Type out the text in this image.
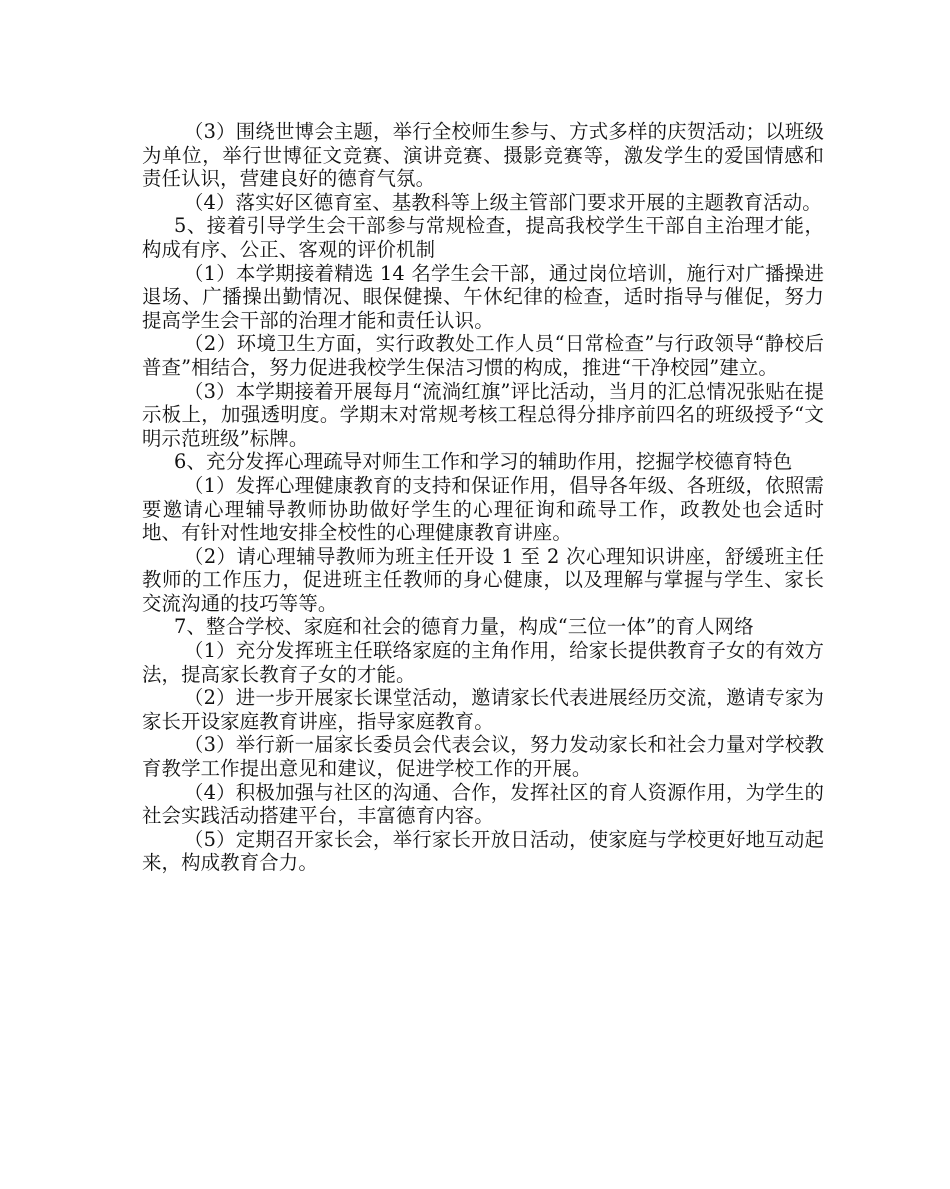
（3）围绕世博会主题，举行全校师生参与、方式多样的庆贺活动；以班级为单位，举行世博征文竞赛、演讲竞赛、摄影竞赛等，激发学生的爱国情感和责任认识，营建良好的德育气氛。

（4）落实好区德育室、基教科等上级主管部门要求开展的主题教育活动。

5、接着引导学生会干部参与常规检查，提高我校学生干部自主治理才能，构成有序、公正、客观的评价机制

（1）本学期接着精选 14 名学生会干部，通过岗位培训，施行对广播操进退场、广播操出勤情况、眼保健操、午休纪律的检查，适时指导与催促，努力提高学生会干部的治理才能和责任认识。

（2）环境卫生方面，实行政教处工作人员“日常检查”与行政领导“静校后普查”相结合，努力促进我校学生保洁习惯的构成，推进“干净校园”建立。

（3）本学期接着开展每月“流淌红旗”评比活动，当月的汇总情况张贴在提示板上，加强透明度。学期末对常规考核工程总得分排序前四名的班级授予“文明示范班级”标牌。

6、充分发挥心理疏导对师生工作和学习的辅助作用，挖掘学校德育特色

（1）发挥心理健康教育的支持和保证作用，倡导各年级、各班级，依照需要邀请心理辅导教师协助做好学生的心理征询和疏导工作，政教处也会适时地、有针对性地安排全校性的心理健康教育讲座。

（2）请心理辅导教师为班主任开设 1 至 2 次心理知识讲座，舒缓班主任教师的工作压力，促进班主任教师的身心健康，以及理解与掌握与学生、家长交流沟通的技巧等等。

7、整合学校、家庭和社会的德育力量，构成“三位一体”的育人网络

（1）充分发挥班主任联络家庭的主角作用，给家长提供教育子女的有效方法，提高家长教育子女的才能。

（2）进一步开展家长课堂活动，邀请家长代表进展经历交流，邀请专家为家长开设家庭教育讲座，指导家庭教育。

（3）举行新一届家长委员会代表会议，努力发动家长和社会力量对学校教育教学工作提出意见和建议，促进学校工作的开展。

（4）积极加强与社区的沟通、合作，发挥社区的育人资源作用，为学生的社会实践活动搭建平台，丰富德育内容。

（5）定期召开家长会，举行家长开放日活动，使家庭与学校更好地互动起来，构成教育合力。
